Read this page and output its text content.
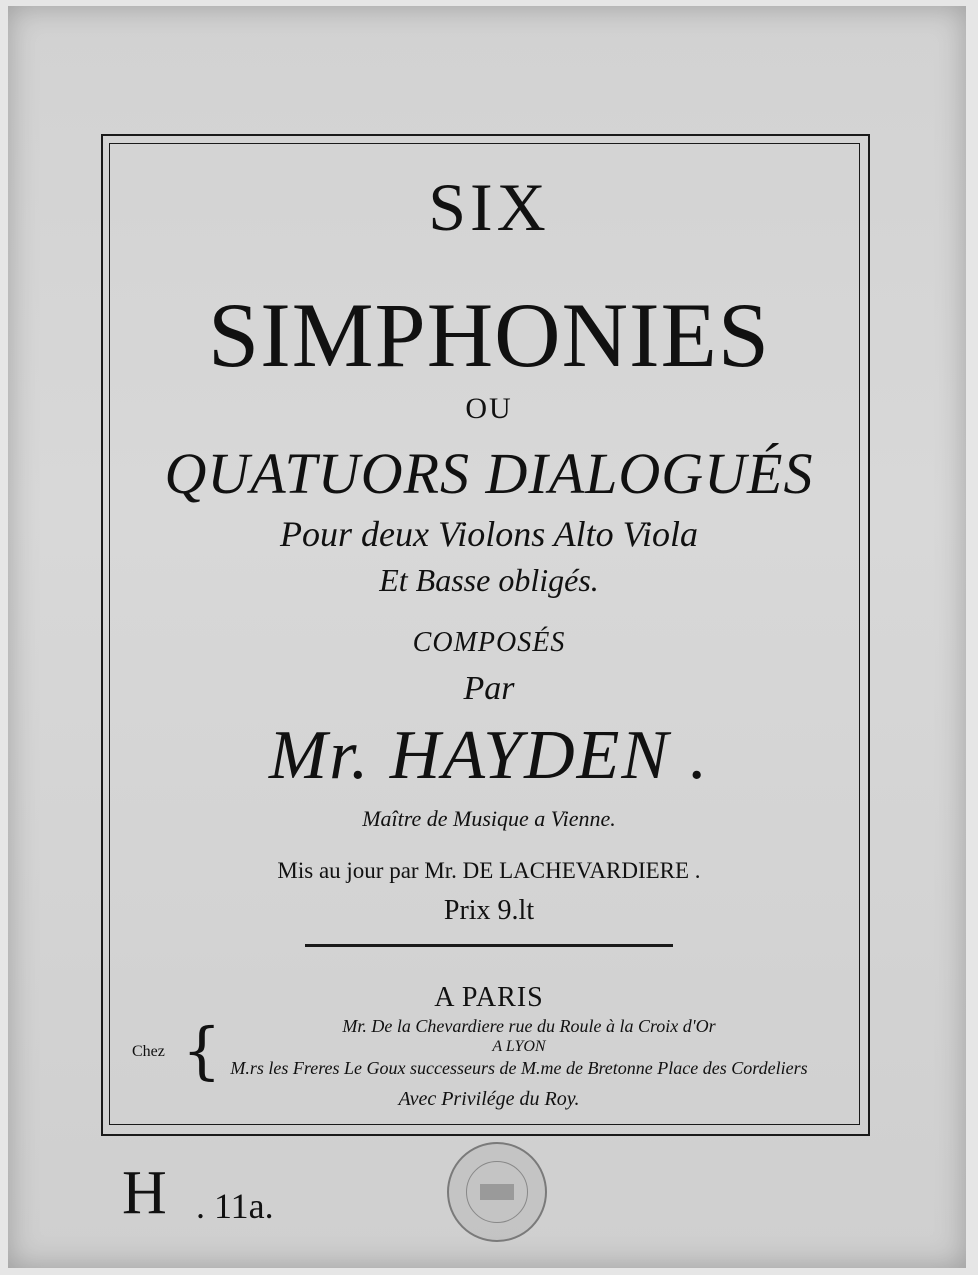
SIX
SIMPHONIES
OU
QUATUORS DIALOGUÉS
Pour deux Violons Alto Viola
Et Basse obligés.
COMPOSÉS
Par
Mr. HAYDEN .
Maître de Musique a Vienne.
Mis au jour par Mr. DE LACHEVARDIERE .
Prix 9.lt
A PARIS
Chez {	Mr. De la Chevardiere rue du Roule à la Croix d'Or
A LYON
M.rs les Freres Le Goux successeurs de M.me de Bretonne Place des Cordeliers
Avec Privilége du Roy.
H . 11a.
